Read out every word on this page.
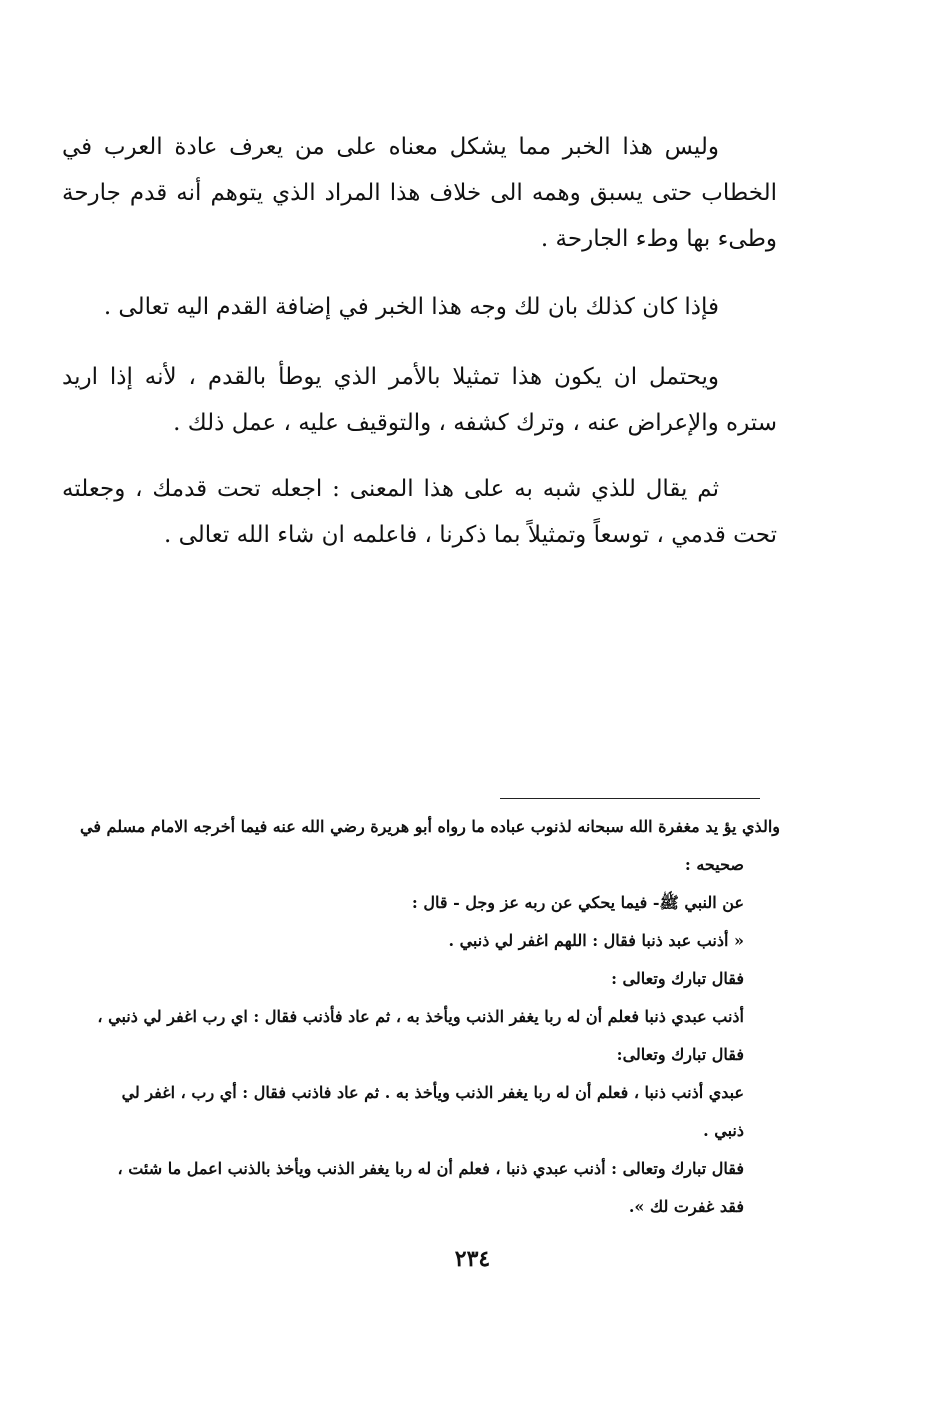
وليس هذا الخبر مما يشكل معناه على من يعرف عادة العرب في الخطاب حتى يسبق وهمه الى خلاف هذا المراد الذي يتوهم أنه قدم جارحة وطىء بها وطء الجارحة .

فإذا كان كذلك بان لك وجه هذا الخبر في إضافة القدم اليه تعالى .

ويحتمل ان يكون هذا تمثيلا بالأمر الذي يوطأ بالقدم ، لأنه إذا اريد ستره والإعراض عنه ، وترك كشفه ، والتوقيف عليه ، عمل ذلك .

ثم يقال للذي شبه به على هذا المعنى : اجعله تحت قدمك ، وجعلته تحت قدمي ، توسعاً وتمثيلاً بما ذكرنا ، فاعلمه ان شاء الله تعالى .

والذي يؤ يد مغفرة الله سبحانه لذنوب عباده ما رواه أبو هريرة رضي الله عنه فيما أخرجه الامام مسلم في

صحيحه :

عن النبي ﷺ- فيما يحكي عن ربه عز وجل - قال :

« أذنب عبد ذنبا فقال : اللهم اغفر لي ذنبي .

فقال تبارك وتعالى :

أذنب عبدي ذنبا فعلم أن له ربا يغفر الذنب ويأخذ به ، ثم عاد فأذنب فقال : اي رب اغفر لي ذنبي ،

فقال تبارك وتعالى:

عبدي أذنب ذنبا ، فعلم أن له ربا يغفر الذنب ويأخذ به . ثم عاد فاذنب فقال : أي رب ، اغفر لي

ذنبي .

فقال تبارك وتعالى : أذنب عبدي ذنبا ، فعلم أن له ربا يغفر الذنب ويأخذ بالذنب اعمل ما شئت ،

فقد غفرت لك ».

٢٣٤
